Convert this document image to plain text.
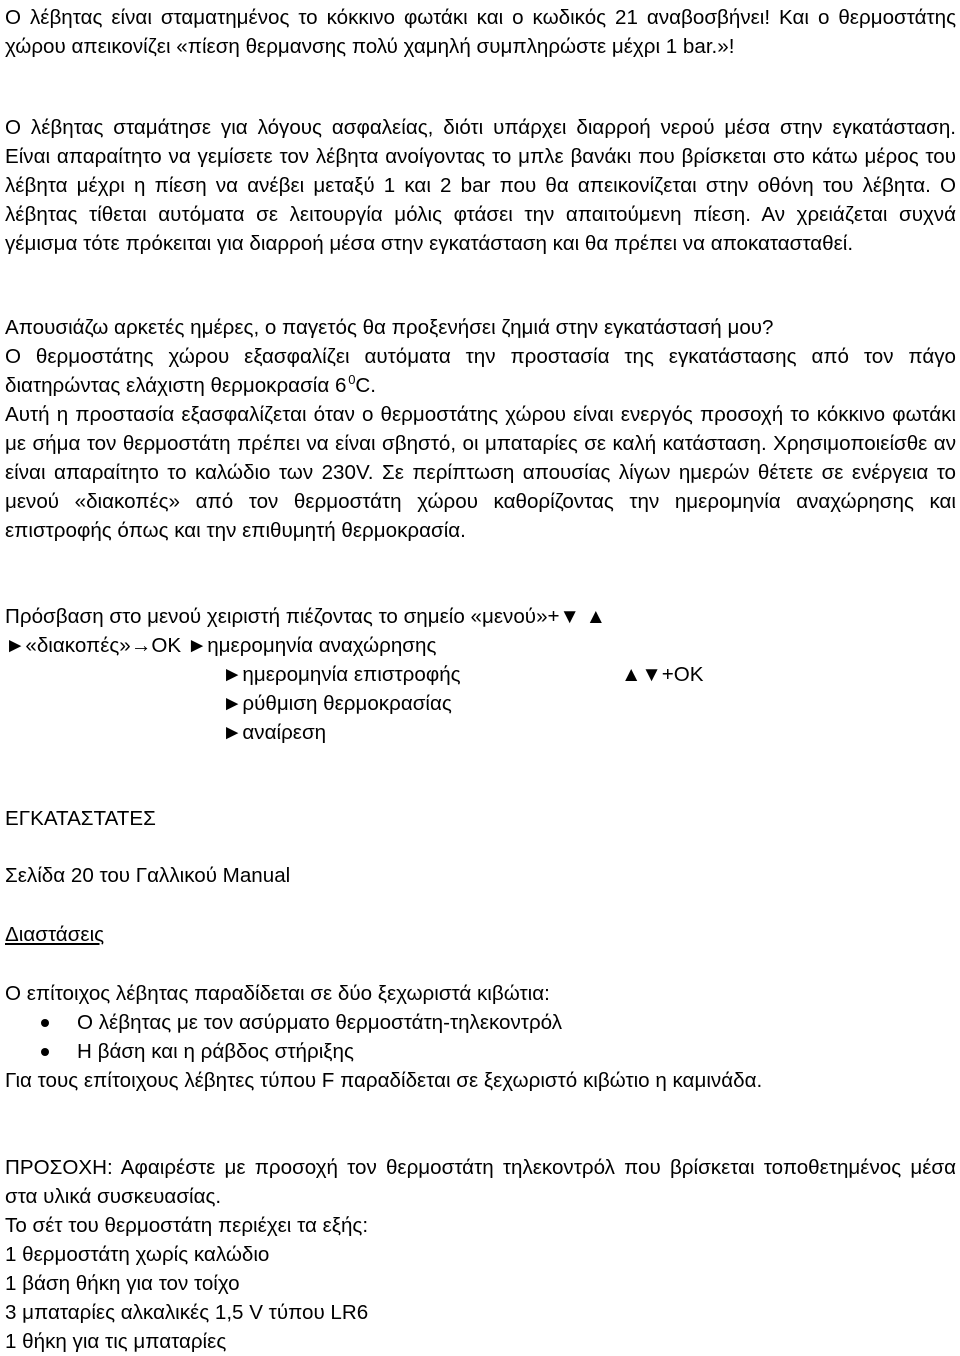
Ο λέβητας είναι σταματημένος το κόκκινο φωτάκι και ο κωδικός 21 αναβοσβήνει! Και ο θερμοστάτης χώρου απεικονίζει «πίεση θερμανσης πολύ χαμηλή συμπληρώστε μέχρι 1 bar.»!

Ο λέβητας σταμάτησε για λόγους ασφαλείας, διότι υπάρχει διαρροή νερού μέσα στην εγκατάσταση. Είναι απαραίτητο να γεμίσετε τον λέβητα ανοίγοντας το μπλε βανάκι που βρίσκεται στο κάτω μέρος του λέβητα μέχρι η πίεση να ανέβει μεταξύ 1 και 2 bar που θα απεικονίζεται στην οθόνη του λέβητα. Ο λέβητας τίθεται αυτόματα σε λειτουργία μόλις φτάσει την απαιτούμενη πίεση. Αν χρειάζεται συχνά γέμισμα τότε πρόκειται για διαρροή μέσα στην εγκατάσταση και θα πρέπει να αποκατασταθεί.

Απουσιάζω αρκετές ημέρες, ο παγετός θα προξενήσει ζημιά στην εγκατάστασή μου?

Ο θερμοστάτης χώρου εξασφαλίζει αυτόματα την προστασία της εγκατάστασης από τον πάγο διατηρώντας ελάχιστη θερμοκρασία 6  $^0$C.

Αυτή η προστασία εξασφαλίζεται όταν ο θερμοστάτης χώρου είναι ενεργός προσοχή το κόκκινο φωτάκι με σήμα τον θερμοστάτη πρέπει να είναι σβηστό, οι μπαταρίες σε καλή κατάσταση. Χρησιμοποιείσθε αν είναι απαραίτητο το καλώδιο των 230V. Σε περίπτωση απουσίας λίγων ημερών θέτετε σε ενέργεια το μενού «διακοπές» από τον θερμοστάτη χώρου καθορίζοντας την ημερομηνία αναχώρησης και επιστροφής όπως και την επιθυμητή θερμοκρασία.

Πρόσβαση στο μενού χειριστή πιέζοντας το σημείο «μενού»+▼ ▲

►«διακοπές»→OK ►ημερομηνία αναχώρησης

►ημερομηνία επιστροφής	▲▼+OK

►ρύθμιση θερμοκρασίας

►αναίρεση

ΕΓΚΑΤΑΣΤΑΤΕΣ

Σελίδα 20 του Γαλλικού Manual

Διαστάσεις

Ο επίτοιχος λέβητας παραδίδεται σε δύο ξεχωριστά κιβώτια:

Ο λέβητας με τον ασύρματο θερμοστάτη-τηλεκοντρόλ
Η βάση και η ράβδος στήριξης

Για τους επίτοιχους λέβητες τύπου F παραδίδεται σε ξεχωριστό κιβώτιο η καμινάδα.

ΠΡΟΣΟΧΗ: Αφαιρέστε με προσοχή τον θερμοστάτη τηλεκοντρόλ που βρίσκεται τοποθετημένος μέσα στα υλικά συσκευασίας.

Το σέτ του θερμοστάτη περιέχει τα εξής:

1 θερμοστάτη χωρίς καλώδιο

1 βάση θήκη για τον τοίχο

3 μπαταρίες αλκαλικές 1,5 V τύπου LR6

1 θήκη για τις μπαταρίες
